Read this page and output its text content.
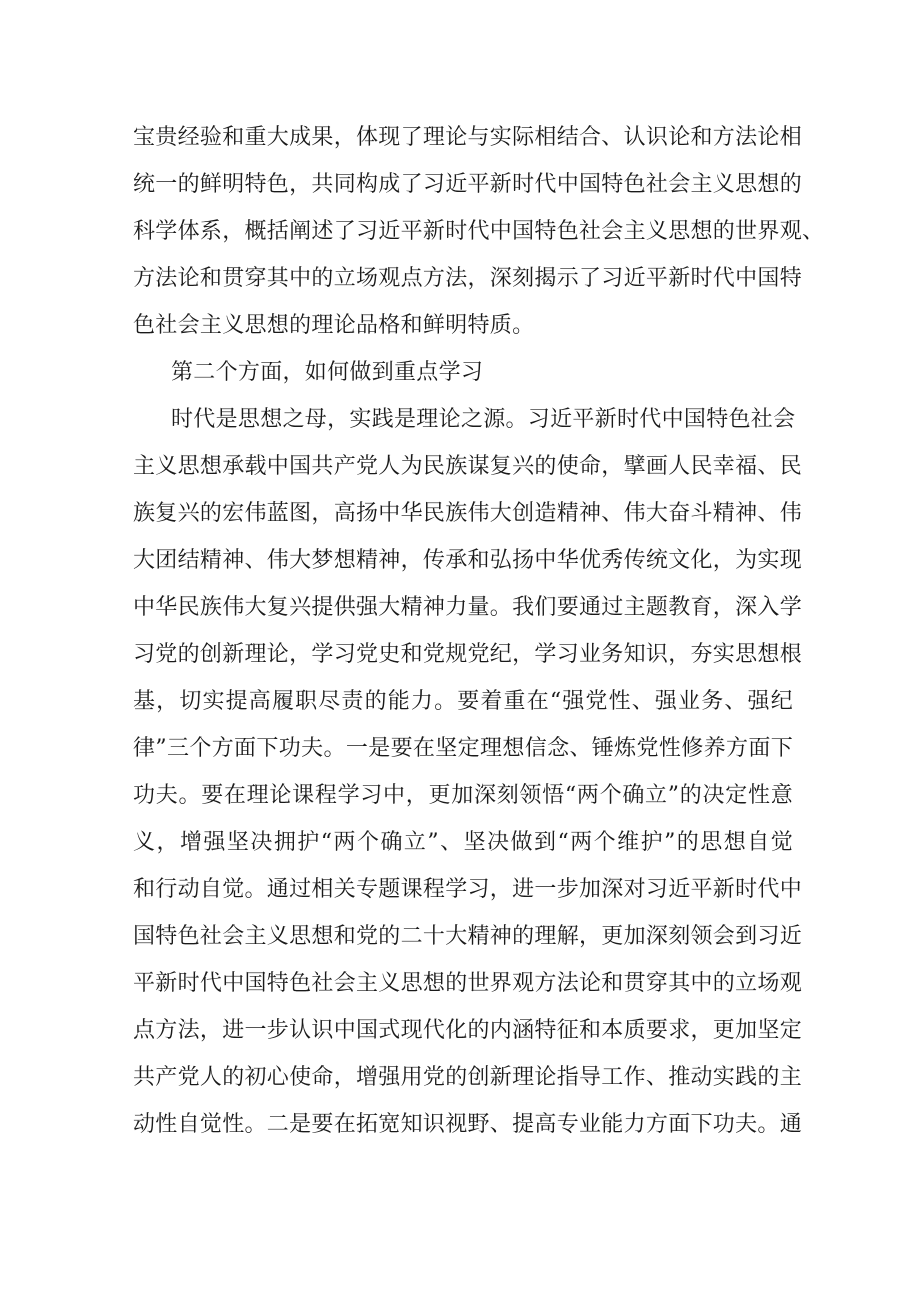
宝贵经验和重大成果，体现了理论与实际相结合、认识论和方法论相
统一的鲜明特色，共同构成了习近平新时代中国特色社会主义思想的
科学体系，概括阐述了习近平新时代中国特色社会主义思想的世界观、
方法论和贯穿其中的立场观点方法，深刻揭示了习近平新时代中国特
色社会主义思想的理论品格和鲜明特质。
第二个方面，如何做到重点学习
时代是思想之母，实践是理论之源。习近平新时代中国特色社会
主义思想承载中国共产党人为民族谋复兴的使命，擘画人民幸福、民
族复兴的宏伟蓝图，高扬中华民族伟大创造精神、伟大奋斗精神、伟
大团结精神、伟大梦想精神，传承和弘扬中华优秀传统文化，为实现
中华民族伟大复兴提供强大精神力量。我们要通过主题教育，深入学
习党的创新理论，学习党史和党规党纪，学习业务知识，夯实思想根
基，切实提高履职尽责的能力。要着重在“强党性、强业务、强纪
律”三个方面下功夫。一是要在坚定理想信念、锤炼党性修养方面下
功夫。要在理论课程学习中，更加深刻领悟“两个确立”的决定性意
义，增强坚决拥护“两个确立”、坚决做到“两个维护”的思想自觉
和行动自觉。通过相关专题课程学习，进一步加深对习近平新时代中
国特色社会主义思想和党的二十大精神的理解，更加深刻领会到习近
平新时代中国特色社会主义思想的世界观方法论和贯穿其中的立场观
点方法，进一步认识中国式现代化的内涵特征和本质要求，更加坚定
共产党人的初心使命，增强用党的创新理论指导工作、推动实践的主
动性自觉性。二是要在拓宽知识视野、提高专业能力方面下功夫。通
